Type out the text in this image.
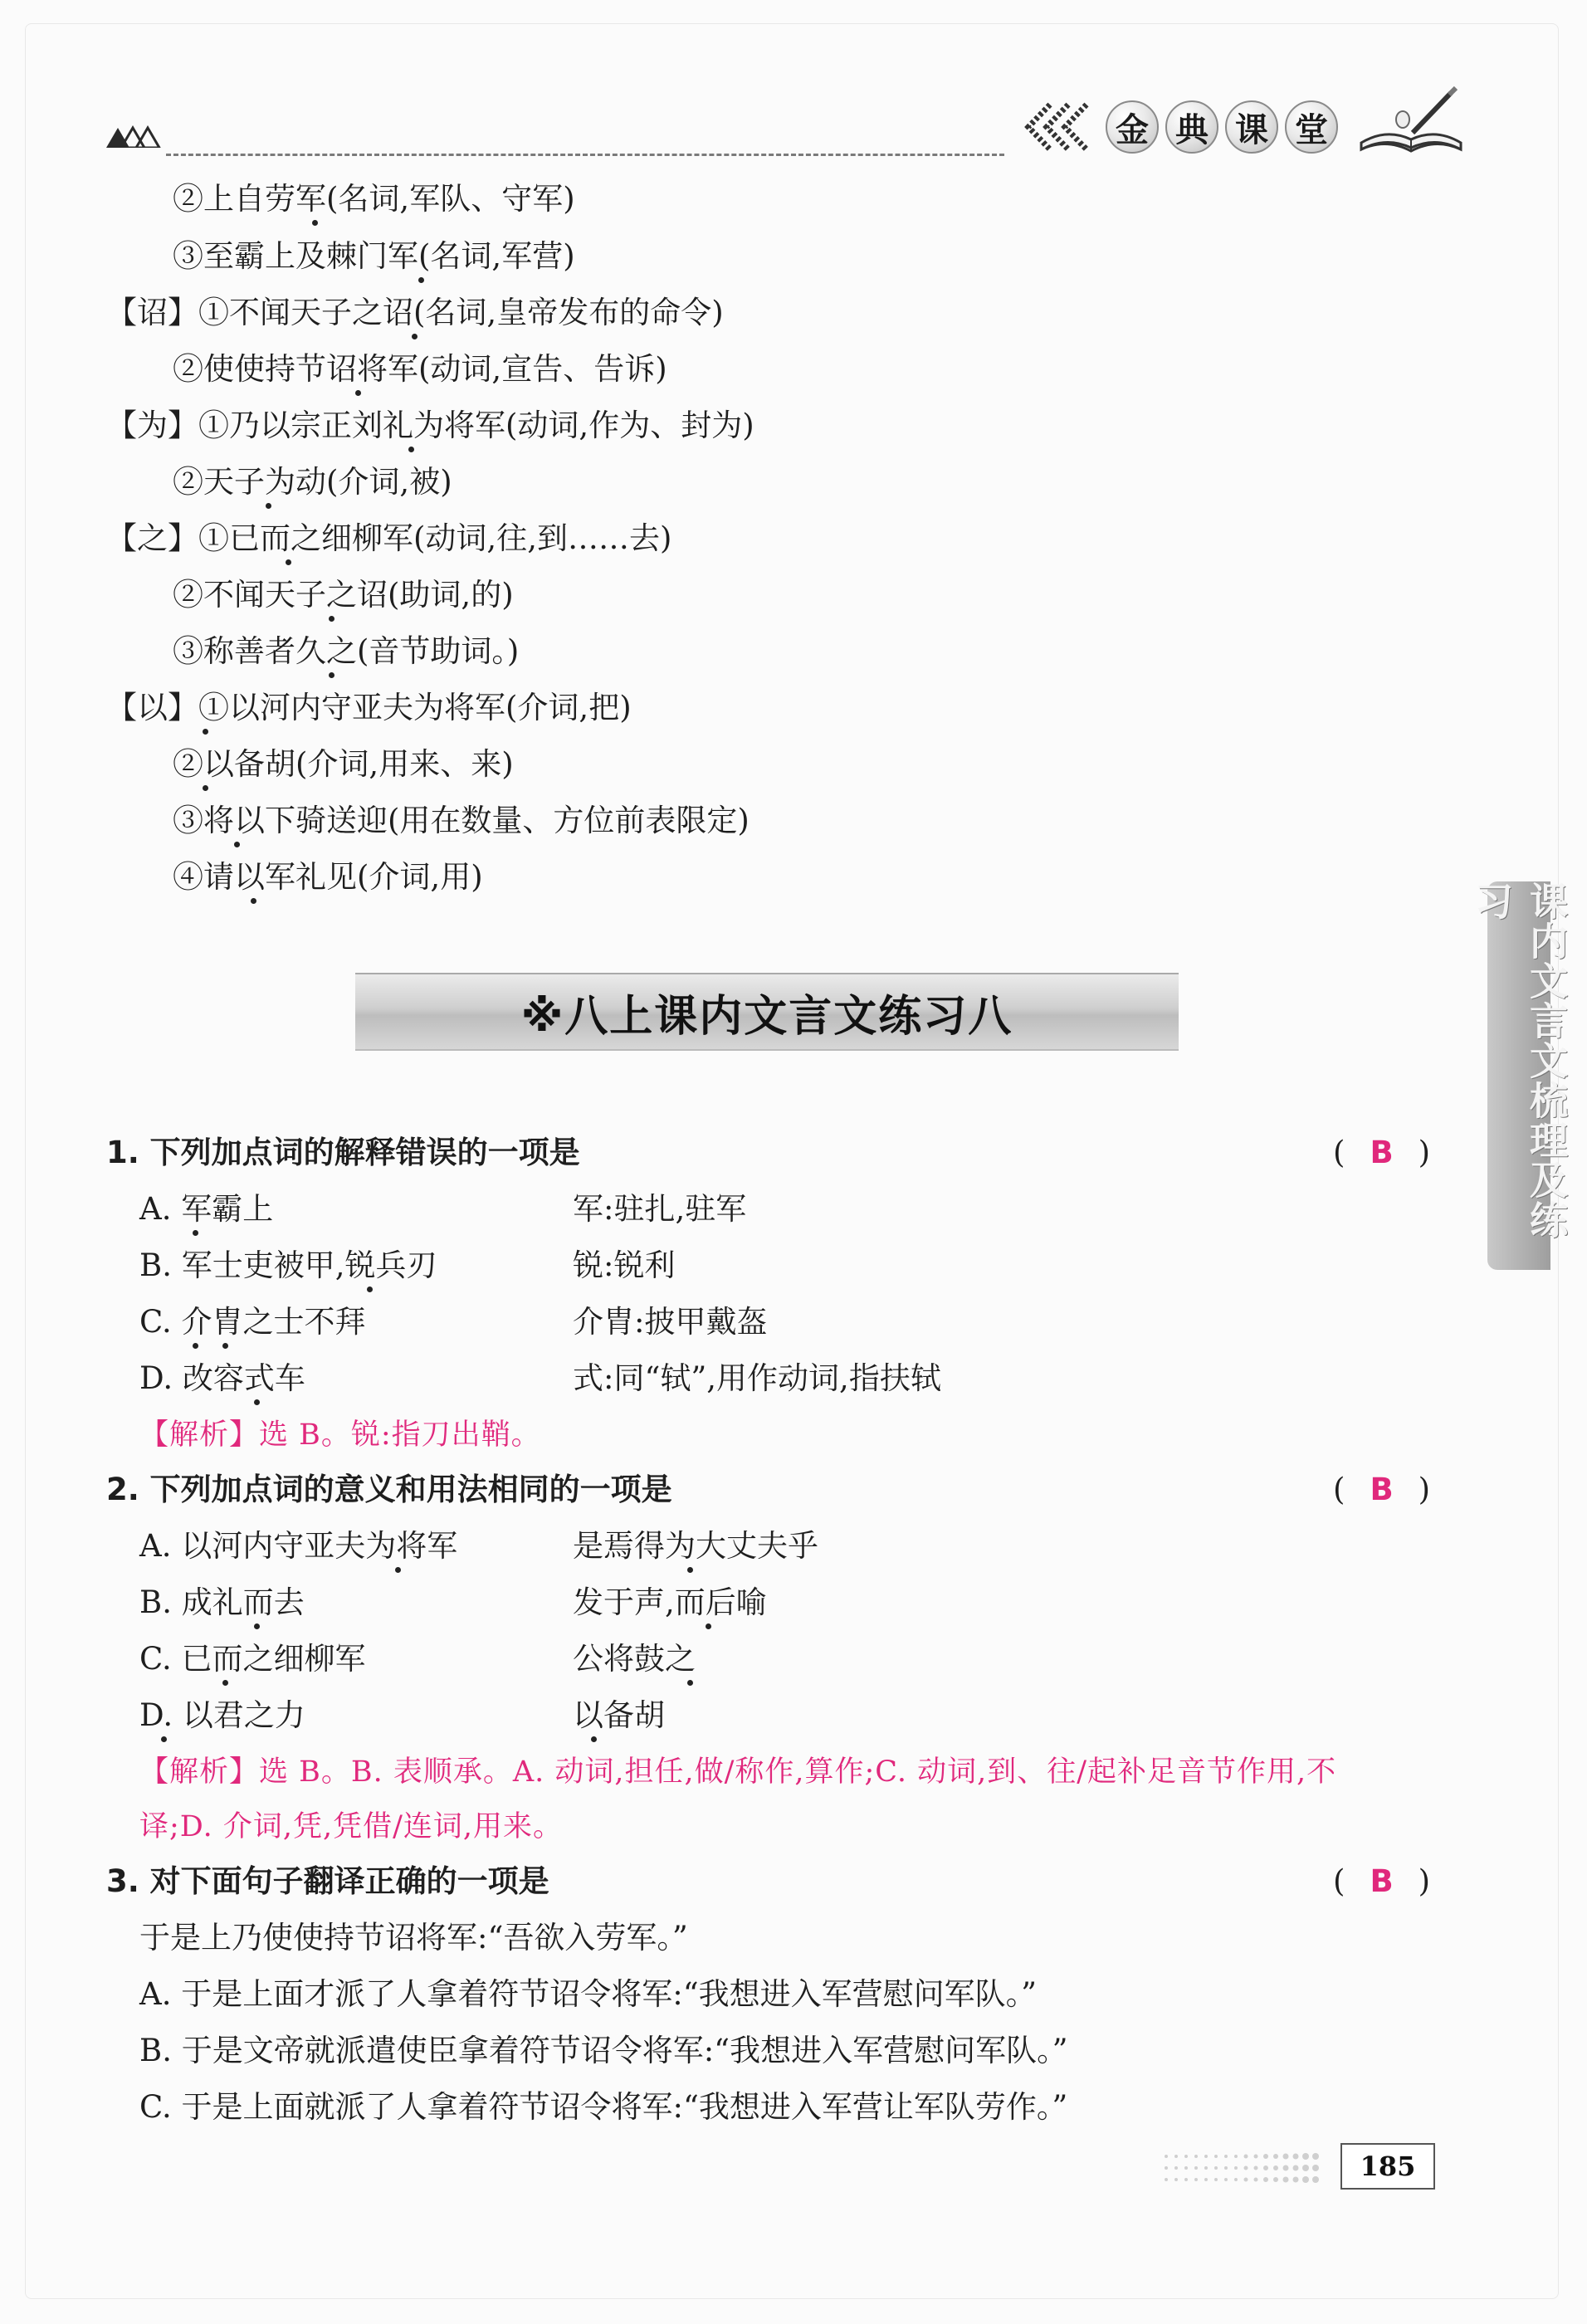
金 典 课 堂
②上自劳军(名词,军队、守军)
③至霸上及棘门军(名词,军营)
【诏】①不闻天子之诏(名词,皇帝发布的命令)
②使使持节诏将军(动词,宣告、告诉)
【为】①乃以宗正刘礼为将军(动词,作为、封为)
②天子为动(介词,被)
【之】①已而之细柳军(动词,往,到……去)
②不闻天子之诏(助词,的)
③称善者久之(音节助词。)
【以】①以河内守亚夫为将军(介词,把)
②以备胡(介词,用来、来)
③将以下骑送迎(用在数量、方位前表限定)
④请以军礼见(介词,用)
※八上课内文言文练习八	课内文言文梳理及练习
1. 下列加点词的解释错误的一项是	( B )
A. 军霸上	军:驻扎,驻军
B. 军士吏被甲,锐兵刃	锐:锐利
C. 介胄之士不拜	介胄:披甲戴盔
D. 改容式车	式:同“轼”,用作动词,指扶轼
【解析】选 B。锐:指刀出鞘。
2. 下列加点词的意义和用法相同的一项是	( B )
A. 以河内守亚夫为将军	是焉得为大丈夫乎
B. 成礼而去	发于声,而后喻
C. 已而之细柳军	公将鼓之
D. 以君之力	以备胡
【解析】选 B。B. 表顺承。A. 动词,担任,做/称作,算作;C. 动词,到、往/起补足音节作用,不
译;D. 介词,凭,凭借/连词,用来。
3. 对下面句子翻译正确的一项是	( B )
于是上乃使使持节诏将军:“吾欲入劳军。”
A. 于是上面才派了人拿着符节诏令将军:“我想进入军营慰问军队。”
B. 于是文帝就派遣使臣拿着符节诏令将军:“我想进入军营慰问军队。”
C. 于是上面就派了人拿着符节诏令将军:“我想进入军营让军队劳作。”
185
